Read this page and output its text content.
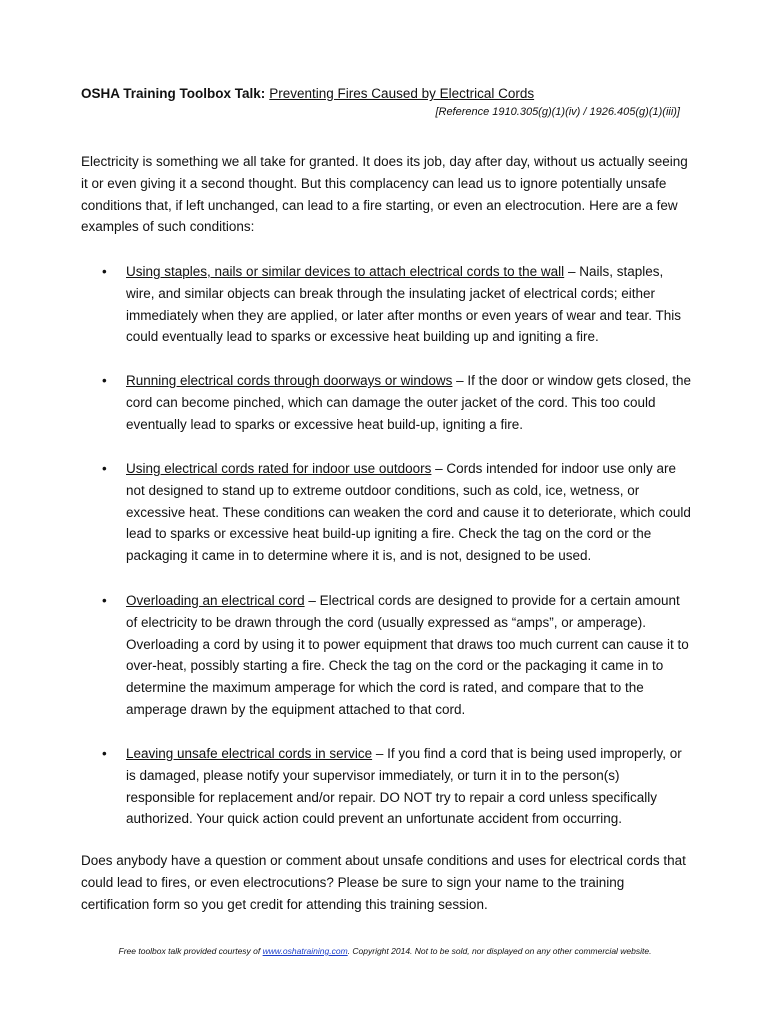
OSHA Training Toolbox Talk: Preventing Fires Caused by Electrical Cords
[Reference 1910.305(g)(1)(iv) / 1926.405(g)(1)(iii)]

Electricity is something we all take for granted. It does its job, day after day, without us actually seeing it or even giving it a second thought. But this complacency can lead us to ignore potentially unsafe conditions that, if left unchanged, can lead to a fire starting, or even an electrocution. Here are a few examples of such conditions:

• Using staples, nails or similar devices to attach electrical cords to the wall – Nails, staples, wire, and similar objects can break through the insulating jacket of electrical cords; either immediately when they are applied, or later after months or even years of wear and tear. This could eventually lead to sparks or excessive heat building up and igniting a fire.
• Running electrical cords through doorways or windows – If the door or window gets closed, the cord can become pinched, which can damage the outer jacket of the cord. This too could eventually lead to sparks or excessive heat build-up, igniting a fire.
• Using electrical cords rated for indoor use outdoors – Cords intended for indoor use only are not designed to stand up to extreme outdoor conditions, such as cold, ice, wetness, or excessive heat. These conditions can weaken the cord and cause it to deteriorate, which could lead to sparks or excessive heat build-up igniting a fire. Check the tag on the cord or the packaging it came in to determine where it is, and is not, designed to be used.
• Overloading an electrical cord – Electrical cords are designed to provide for a certain amount of electricity to be drawn through the cord (usually expressed as “amps”, or amperage). Overloading a cord by using it to power equipment that draws too much current can cause it to over-heat, possibly starting a fire. Check the tag on the cord or the packaging it came in to determine the maximum amperage for which the cord is rated, and compare that to the amperage drawn by the equipment attached to that cord.
• Leaving unsafe electrical cords in service – If you find a cord that is being used improperly, or is damaged, please notify your supervisor immediately, or turn it in to the person(s) responsible for replacement and/or repair. DO NOT try to repair a cord unless specifically authorized. Your quick action could prevent an unfortunate accident from occurring.

Does anybody have a question or comment about unsafe conditions and uses for electrical cords that could lead to fires, or even electrocutions? Please be sure to sign your name to the training certification form so you get credit for attending this training session.

Free toolbox talk provided courtesy of www.oshatraining.com. Copyright 2014. Not to be sold, nor displayed on any other commercial website.
